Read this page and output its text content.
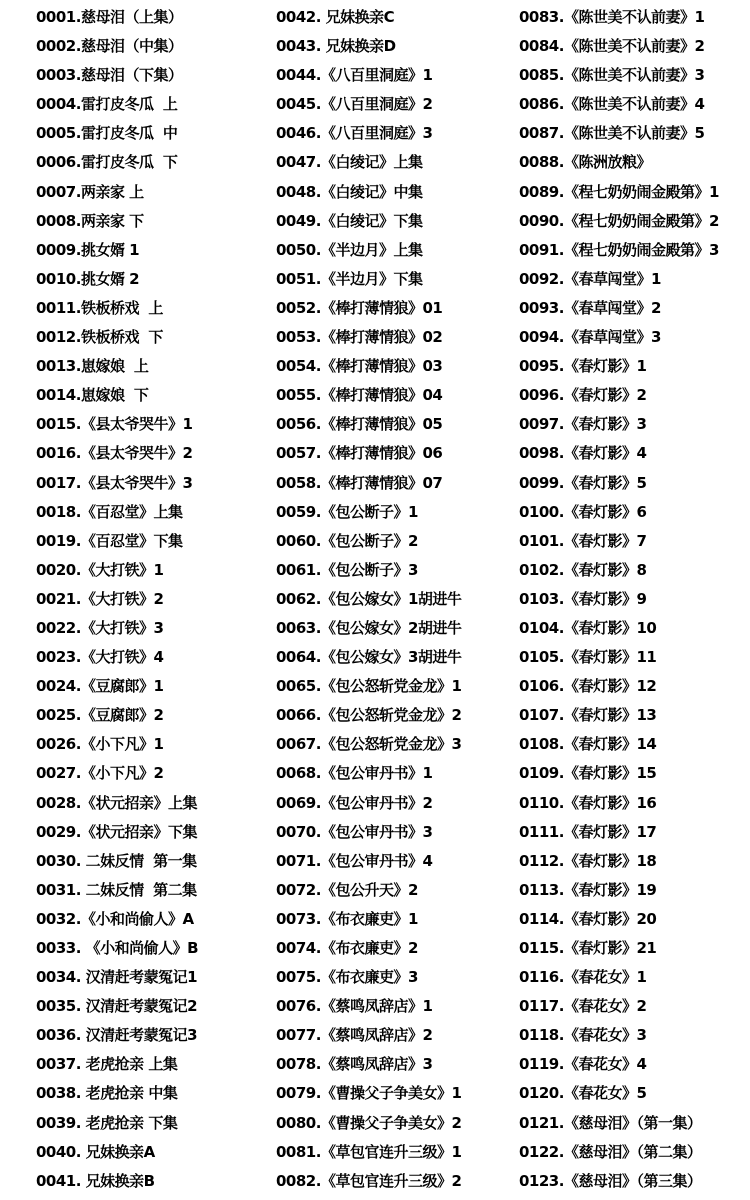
0001.慈母泪（上集）
0002.慈母泪（中集）
0003.慈母泪（下集）
0004.雷打皮冬瓜  上
0005.雷打皮冬瓜  中
0006.雷打皮冬瓜  下
0007.两亲家 上
0008.两亲家 下
0009.挑女婿 1
0010.挑女婿 2
0011.铁板桥戏  上
0012.铁板桥戏  下
0013.崽嫁娘  上
0014.崽嫁娘  下
0015.《县太爷哭牛》1
0016.《县太爷哭牛》2
0017.《县太爷哭牛》3
0018.《百忍堂》上集
0019.《百忍堂》下集
0020.《大打铁》1
0021.《大打铁》2
0022.《大打铁》3
0023.《大打铁》4
0024.《豆腐郎》1
0025.《豆腐郎》2
0026.《小下凡》1
0027.《小下凡》2
0028.《状元招亲》上集
0029.《状元招亲》下集
0030. 二妹反情  第一集
0031. 二妹反情  第二集
0032.《小和尚偷人》A
0033. 《小和尚偷人》B
0034. 汉清赶考蒙冤记1
0035. 汉清赶考蒙冤记2
0036. 汉清赶考蒙冤记3
0037. 老虎抢亲 上集
0038. 老虎抢亲 中集
0039. 老虎抢亲 下集
0040. 兄妹换亲A
0041. 兄妹换亲B
0042. 兄妹换亲C
0043. 兄妹换亲D
0044.《八百里洞庭》1
0045.《八百里洞庭》2
0046.《八百里洞庭》3
0047.《白绫记》上集
0048.《白绫记》中集
0049.《白绫记》下集
0050.《半边月》上集
0051.《半边月》下集
0052.《棒打薄情狼》01
0053.《棒打薄情狼》02
0054.《棒打薄情狼》03
0055.《棒打薄情狼》04
0056.《棒打薄情狼》05
0057.《棒打薄情狼》06
0058.《棒打薄情狼》07
0059.《包公断子》1
0060.《包公断子》2
0061.《包公断子》3
0062.《包公嫁女》1胡进牛
0063.《包公嫁女》2胡进牛
0064.《包公嫁女》3胡进牛
0065.《包公怒斩党金龙》1
0066.《包公怒斩党金龙》2
0067.《包公怒斩党金龙》3
0068.《包公审丹书》1
0069.《包公审丹书》2
0070.《包公审丹书》3
0071.《包公审丹书》4
0072.《包公升天》2
0073.《布衣廉吏》1
0074.《布衣廉吏》2
0075.《布衣廉吏》3
0076.《蔡鸣凤辞店》1
0077.《蔡鸣凤辞店》2
0078.《蔡鸣凤辞店》3
0079.《曹操父子争美女》1
0080.《曹操父子争美女》2
0081.《草包官连升三级》1
0082.《草包官连升三级》2
0083.《陈世美不认前妻》1
0084.《陈世美不认前妻》2
0085.《陈世美不认前妻》3
0086.《陈世美不认前妻》4
0087.《陈世美不认前妻》5
0088.《陈洲放粮》
0089.《程七奶奶闹金殿第》1
0090.《程七奶奶闹金殿第》2
0091.《程七奶奶闹金殿第》3
0092.《春草闯堂》1
0093.《春草闯堂》2
0094.《春草闯堂》3
0095.《春灯影》1
0096.《春灯影》2
0097.《春灯影》3
0098.《春灯影》4
0099.《春灯影》5
0100.《春灯影》6
0101.《春灯影》7
0102.《春灯影》8
0103.《春灯影》9
0104.《春灯影》10
0105.《春灯影》11
0106.《春灯影》12
0107.《春灯影》13
0108.《春灯影》14
0109.《春灯影》15
0110.《春灯影》16
0111.《春灯影》17
0112.《春灯影》18
0113.《春灯影》19
0114.《春灯影》20
0115.《春灯影》21
0116.《春花女》1
0117.《春花女》2
0118.《春花女》3
0119.《春花女》4
0120.《春花女》5
0121.《慈母泪》（第一集）
0122.《慈母泪》（第二集）
0123.《慈母泪》（第三集）
